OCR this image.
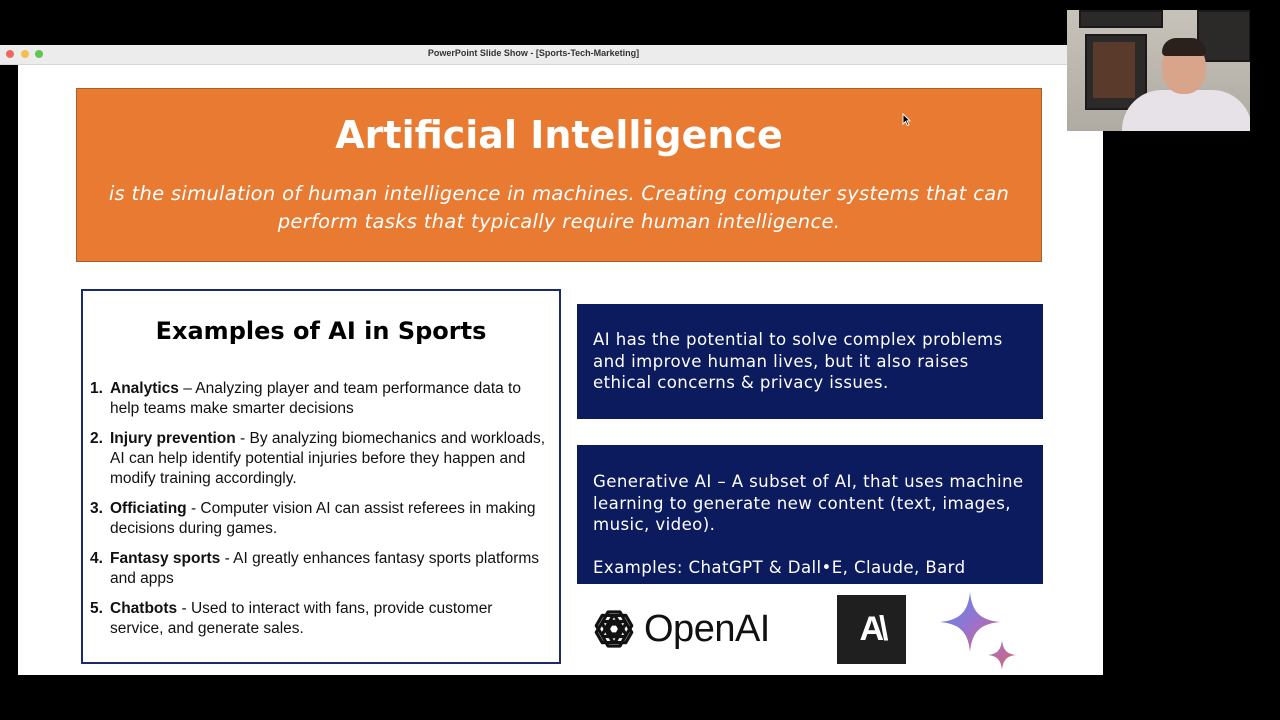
PowerPoint Slide Show - [Sports-Tech-Marketing]
Artificial Intelligence
is the simulation of human intelligence in machines. Creating computer systems that can
perform tasks that typically require human intelligence.
Examples of AI in Sports
1. Analytics – Analyzing player and team performance data to help teams make smarter decisions
2. Injury prevention - By analyzing biomechanics and workloads, AI can help identify potential injuries before they happen and modify training accordingly.
3. Officiating - Computer vision AI can assist referees in making decisions during games.
4. Fantasy sports - AI greatly enhances fantasy sports platforms and apps
5. Chatbots - Used to interact with fans, provide customer service, and generate sales.
AI has the potential to solve complex problems and improve human lives, but it also raises ethical concerns & privacy issues.
Generative AI – A subset of AI, that uses machine learning to generate new content (text, images, music, video).
Examples: ChatGPT & Dall•E, Claude, Bard
OpenAI	A\
